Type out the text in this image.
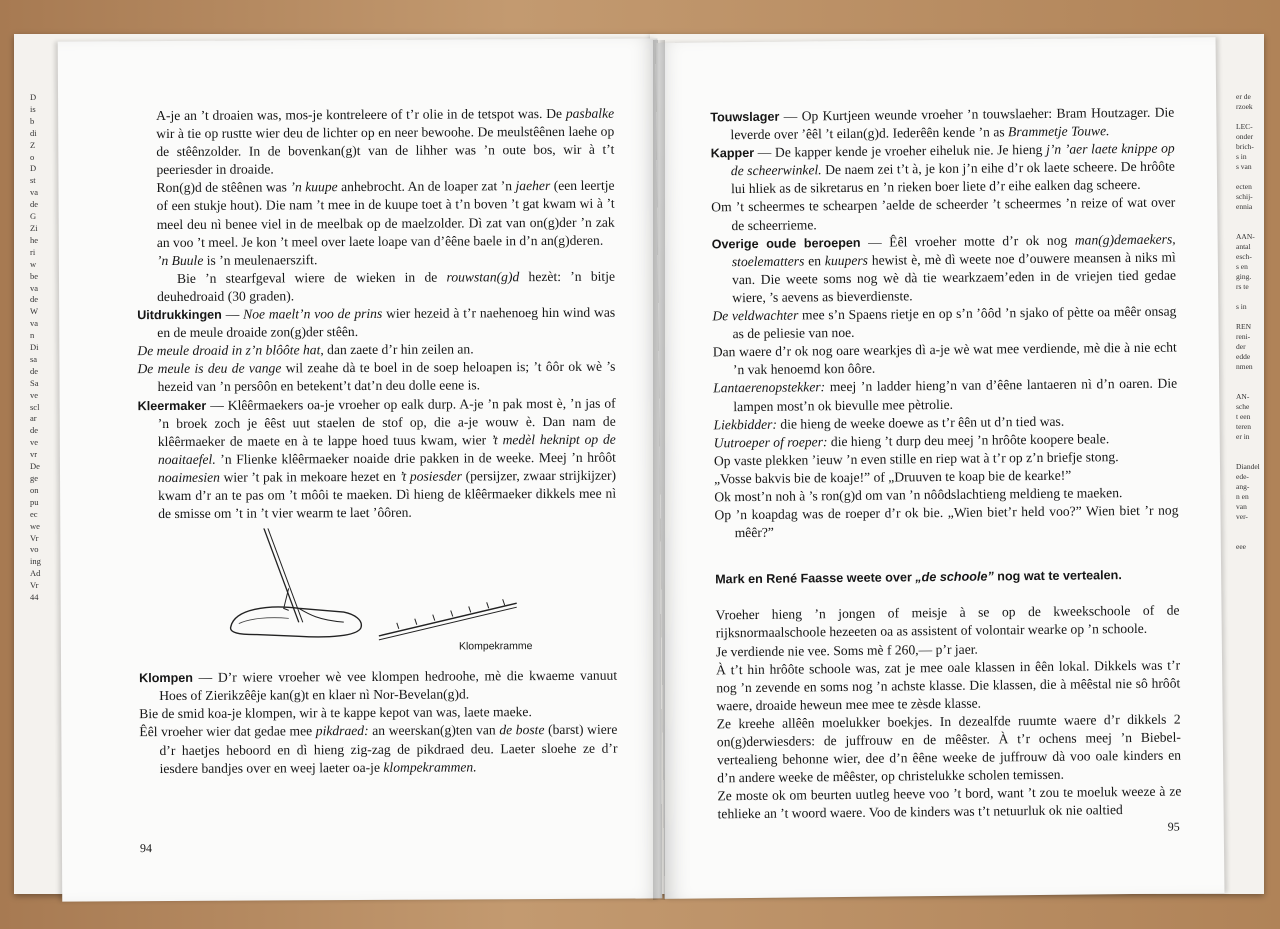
D
is
b
di
Z
o
D
st
va
de
G
Zi
he
ri
w
be
va
de
W
va
n
Di
sa
de
Sa
ve
scl
ar
de
ve
vr
De
ge
on
pu
ec
we
Vr
vo
ing
Ad
Vr
44
er de
rzoek

LEC-
onder
brich-
s in
s van

ecten
schij-
ennia

AAN-
antal
esch-
s en
ging.
rs te

s in

REN
reni-
der
edde
nmen

AN-
sche
t een
teren
er in

Diandel
ede-
ang-
n en
van
ver-

eee

A-je an ’t droaien was, mos-je kontreleere of t’r olie in de tetspot was. De pasbalke wir à tie op rustte wier deu de lichter op en neer bewoohe. De meulstêênen laehe op de stêênzolder. In de bovenkan(g)t van de lihher was ’n oute bos, wir à t’t peeriesder in droaide.

Ron(g)d de stêênen was ’n kuupe anhebrocht. An de loaper zat ’n jaeher (een leertje of een stukje hout). Die nam ’t mee in de kuupe toet à t’n boven ’t gat kwam wi à ’t meel deu nì benee viel in de meelbak op de maelzolder. Dì zat van on(g)der ’n zak an voo ’t meel. Je kon ’t meel over laete loape van d’êêne baele in d’n an(g)deren.

’n Buule is ’n meulenaerszift.

Bie ’n stearfgeval wiere de wieken in de rouwstan(g)d hezèt: ’n bitje deuhedroaid (30 graden).

Uitdrukkingen — Noe maelt’n voo de prins wier hezeid à t’r naehenoeg hin wind was en de meule droaide zon(g)der stêên.
De meule droaid in z’n blôôte hat, dan zaete d’r hin zeilen an.
De meule is deu de vange wil zeahe dà te boel in de soep heloapen is; ’t ôôr ok wè ’s hezeid van ’n persôôn en betekent’t dat’n deu dolle eene is.

Kleermaker — Klêêrmaekers oa-je vroeher op ealk durp. A-je ’n pak most è, ’n jas of ’n broek zoch je êêst uut staelen de stof op, die a-je wouw è. Dan nam de klêêrmaeker de maete en à te lappe hoed tuus kwam, wier ’t medèl heknipt op de noaitaefel. ’n Flienke klêêrmaeker noaide drie pakken in de weeke. Meej ’n hrôôt noaimesien wier ’t pak in mekoare hezet en ’t posiesder (persijzer, zwaar strijkijzer) kwam d’r an te pas om ’t môôi te maeken. Dì hieng de klêêrmaeker dikkels mee nì de smisse om ’t in ’t vier wearm te laet ’ôôren.

Klompekramme

Klompen — D’r wiere vroeher wè vee klompen hedroohe, mè die kwaeme vanuut Hoes of Zierikzêêje kan(g)t en klaer nì Nor-Bevelan(g)d.
Bie de smid koa-je klompen, wir à te kappe kepot van was, laete maeke.
Êêl vroeher wier dat gedae mee pikdraed: an weerskan(g)ten van de boste (barst) wiere d’r haetjes heboord en dì hieng zig-zag de pikdraed deu. Laeter sloehe ze d’r iesdere bandjes over en weej laeter oa-je klompekrammen.

94

Touwslager — Op Kurtjeen weunde vroeher ’n touwslaeher: Bram Houtzager. Die leverde over ’êêl ’t eilan(g)d. Iederêên kende ’n as Brammetje Touwe.

Kapper — De kapper kende je vroeher eiheluk nie. Je hieng j’n ’aer laete knippe op de scheerwinkel. De naem zei t’t à, je kon j’n eihe d’r ok laete scheere. De hrôôte lui hliek as de sikretarus en ’n rieken boer liete d’r eihe ealken dag scheere.
Om ’t scheermes te schearpen ’aelde de scheerder ’t scheermes ’n reize of wat over de scheerrieme.

Overige oude beroepen — Êêl vroeher motte d’r ok nog man(g)demaekers, stoelematters en kuupers hewist è, mè dì weete noe d’ouwere meansen à niks mì van. Die weete soms nog wè dà tie wearkzaem’eden in de vriejen tied gedae wiere, ’s aevens as bieverdienste.
De veldwachter mee s’n Spaens rietje en op s’n ’ôôd ’n sjako of pètte oa mêêr onsag as de peliesie van noe.
Dan waere d’r ok nog oare wearkjes dì a-je wè wat mee verdiende, mè die à nie echt ’n vak henoemd kon ôôre.
Lantaerenopstekker: meej ’n ladder hieng’n van d’êêne lantaeren nì d’n oaren. Die lampen most’n ok bievulle mee pètrolie.
Liekbidder: die hieng de weeke doewe as t’r êên ut d’n tied was.
Uutroeper of roeper: die hieng ’t durp deu meej ’n hrôôte koopere beale.
Op vaste plekken ’ieuw ’n even stille en riep wat à t’r op z’n briefje stong.
„Vosse bakvis bie de koaje!” of „Druuven te koap bie de kearke!”
Ok most’n noh à ’s ron(g)d om van ’n nôôdslachtieng meldieng te maeken.
Op ’n koapdag was de roeper d’r ok bie. „Wien biet’r held voo?” Wien biet ’r nog mêêr?”

Mark en René Faasse weete over „de schoole” nog wat te vertealen.

Vroeher hieng ’n jongen of meisje à se op de kweekschoole of de rijksnormaalschoole hezeeten oa as assistent of volontair wearke op ’n schoole.

Je verdiende nie vee. Soms mè f 260,— p’r jaer.

À t’t hin hrôôte schoole was, zat je mee oale klassen in êên lokal. Dikkels was t’r nog ’n zevende en soms nog ’n achste klasse. Die klassen, die à mêêstal nie sô hrôôt waere, droaide heweun mee mee te zèsde klasse.

Ze kreehe allêên moelukker boekjes. In dezealfde ruumte waere d’r dikkels 2 on(g)derwiesders: de juffrouw en de mêêster. À t’r ochens meej ’n Biebel-vertealieng behonne wier, dee d’n êêne weeke de juffrouw dà voo oale kinders en d’n andere weeke de mêêster, op christelukke scholen temissen.

Ze moste ok om beurten uutleg heeve voo ’t bord, want ’t zou te moeluk weeze à ze tehlieke an ’t woord waere. Voo de kinders was t’t netuurluk ok nie oaltied

95
